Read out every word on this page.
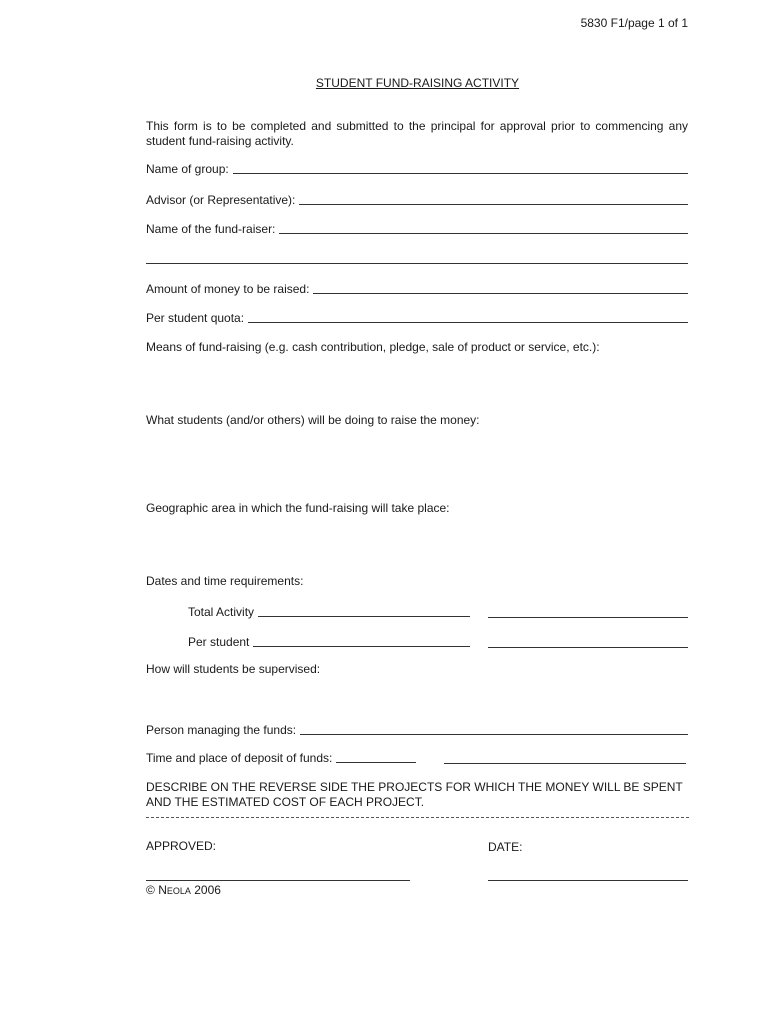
5830 F1/page 1 of 1
STUDENT FUND-RAISING ACTIVITY
This form is to be completed and submitted to the principal for approval prior to commencing any student fund-raising activity.
Name of group:
Advisor (or Representative):
Name of the fund-raiser:
Amount of money to be raised:
Per student quota:
Means of fund-raising (e.g. cash contribution, pledge, sale of product or service, etc.):
What students (and/or others) will be doing to raise the money:
Geographic area in which the fund-raising will take place:
Dates and time requirements:
Total Activity
Per student
How will students be supervised:
Person managing the funds:
Time and place of deposit of funds:
DESCRIBE ON THE REVERSE SIDE THE PROJECTS FOR WHICH THE MONEY WILL BE SPENT AND THE ESTIMATED COST OF EACH PROJECT.
APPROVED:	DATE:
© NEOLA 2006
